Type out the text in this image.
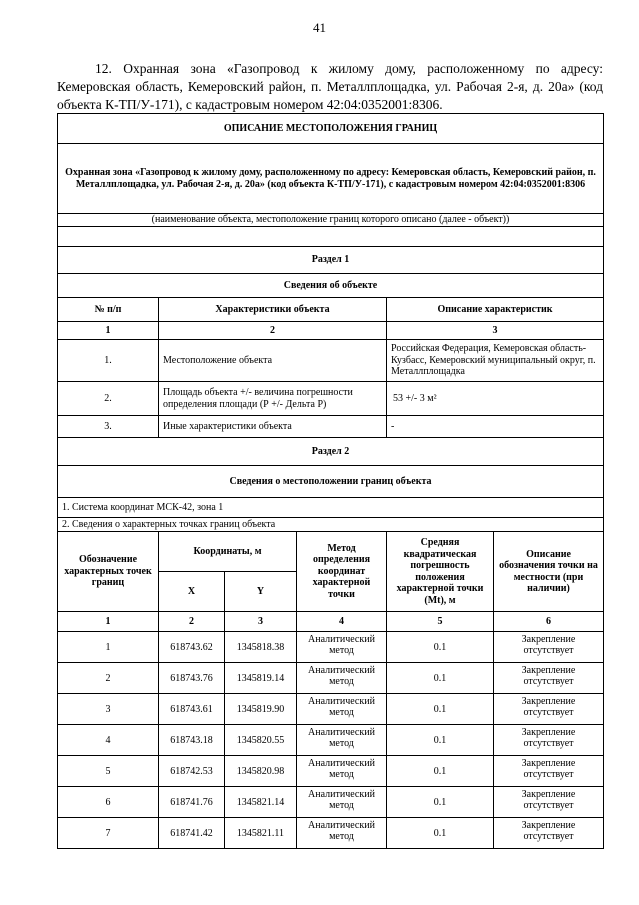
41
12. Охранная зона «Газопровод к жилому дому, расположенному по адресу: Кемеровская область, Кемеровский район, п. Металлплощадка, ул. Рабочая 2-я, д. 20а» (код объекта К-ТП/У-171), с кадастровым номером 42:04:0352001:8306.
ОПИСАНИЕ МЕСТОПОЛОЖЕНИЯ ГРАНИЦ					
Охранная зона «Газопровод к жилому дому, расположенному по адресу: Кемеровская область, Кемеровский район, п. Металлплощадка, ул. Рабочая 2-я, д. 20а» (код объекта К-ТП/У-171), с кадастровым номером 42:04:0352001:8306					
(наименование объекта, местоположение границ которого описано (далее - объект))					

Раздел 1					
Сведения об объекте					
№ п/п	Характеристики объекта			Описание характеристик	
1	2			3	
1.	Местоположение объекта			Российская Федерация, Кемеровская область-Кузбасс, Кемеровский муниципальный округ, п. Металлплощадка	
2.	Площадь объекта +/- величина погрешности определения площади (Р +/- Дельта Р)			53 +/- 3 м²	
3.	Иные характеристики объекта			-	
Раздел 2					
Сведения о местоположении границ объекта					
1. Система координат МСК-42, зона 1					
2. Сведения о характерных точках границ объекта					
Обозначение характерных точек границ	Координаты, м		Метод определения координат характерной точки	Средняя квадратическая погрешность положения характерной точки (Mt), м	Описание обозначения точки на местности (при наличии)
	X	Y			
1	2	3	4	5	6
1	618743.62	1345818.38	Аналитический метод	0.1	Закрепление отсутствует
2	618743.76	1345819.14	Аналитический метод	0.1	Закрепление отсутствует
3	618743.61	1345819.90	Аналитический метод	0.1	Закрепление отсутствует
4	618743.18	1345820.55	Аналитический метод	0.1	Закрепление отсутствует
5	618742.53	1345820.98	Аналитический метод	0.1	Закрепление отсутствует
6	618741.76	1345821.14	Аналитический метод	0.1	Закрепление отсутствует
7	618741.42	1345821.11	Аналитический метод	0.1	Закрепление отсутствует
